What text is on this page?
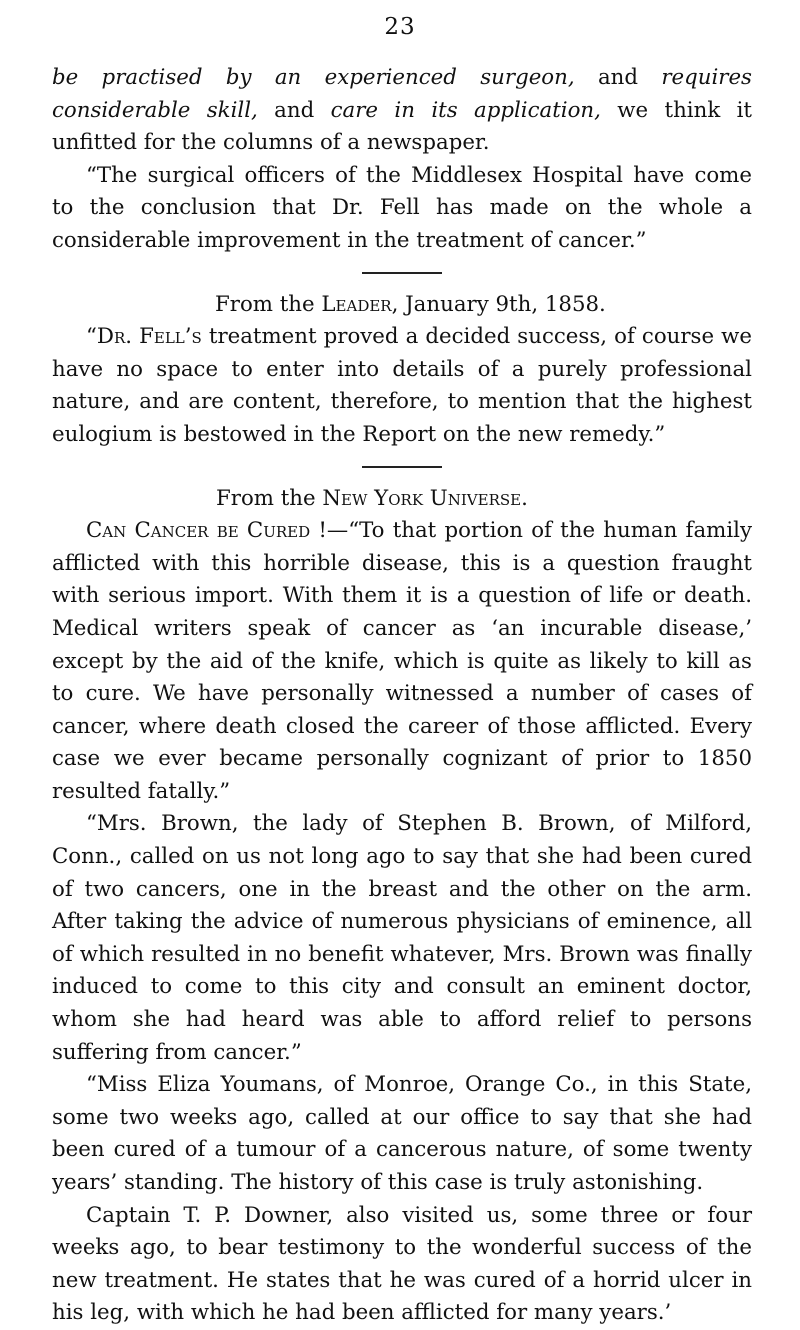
23

be practised by an experienced surgeon, and requires considerable skill, and care in its application, we think it unfitted for the columns of a newspaper.

“The surgical officers of the Middlesex Hospital have come to the conclusion that Dr. Fell has made on the whole a considerable improvement in the treatment of cancer.”

From the Leader, January 9th, 1858.

“Dr. Fell’s treatment proved a decided success, of course we have no space to enter into details of a purely professional nature, and are content, therefore, to mention that the highest eulogium is bestowed in the Report on the new remedy.”

From the New York Universe.

Can Cancer be Cured !—“To that portion of the human family afflicted with this horrible disease, this is a question fraught with serious import. With them it is a question of life or death. Medical writers speak of cancer as ‘an incurable disease,’ except by the aid of the knife, which is quite as likely to kill as to cure. We have personally witnessed a number of cases of cancer, where death closed the career of those afflicted. Every case we ever became personally cognizant of prior to 1850 resulted fatally.”

“Mrs. Brown, the lady of Stephen B. Brown, of Milford, Conn., called on us not long ago to say that she had been cured of two cancers, one in the breast and the other on the arm. After taking the advice of numerous physicians of eminence, all of which resulted in no benefit whatever, Mrs. Brown was finally induced to come to this city and consult an eminent doctor, whom she had heard was able to afford relief to persons suffering from cancer.”

“Miss Eliza Youmans, of Monroe, Orange Co., in this State, some two weeks ago, called at our office to say that she had been cured of a tumour of a cancerous nature, of some twenty years’ standing. The history of this case is truly astonishing.

Captain T. P. Downer, also visited us, some three or four weeks ago, to bear testimony to the wonderful success of the new treatment. He states that he was cured of a horrid ulcer in his leg, with which he had been afflicted for many years.’
